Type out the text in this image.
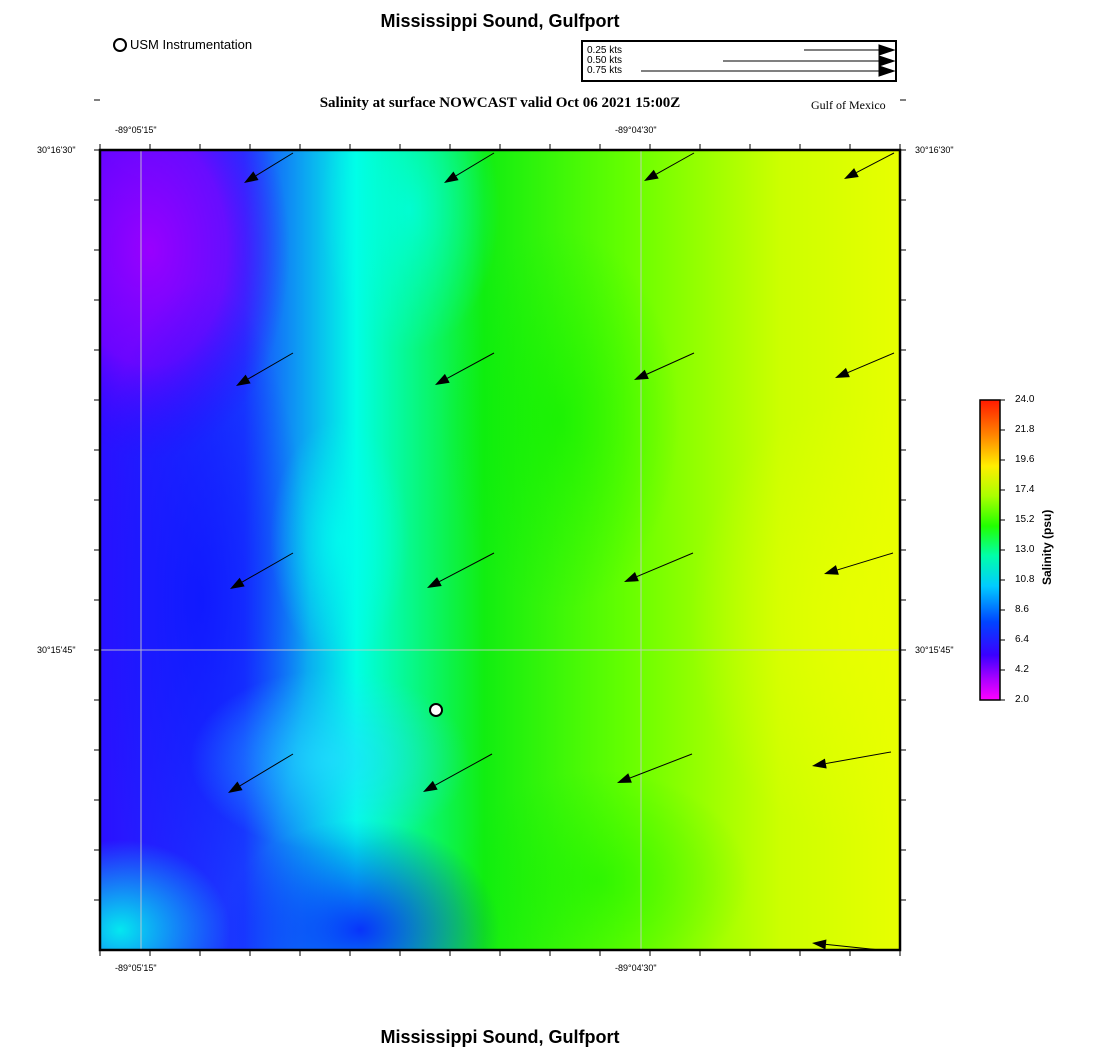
Mississippi Sound, Gulfport
USM Instrumentation	0.25 kts
0.50 kts
0.75 kts
Salinity at surface NOWCAST valid Oct 06 2021 15:00Z	Gulf of Mexico
-89°05'15"	-89°04'30"
-89°05'15"	-89°04'30"
30°16'30"
30°15'45"
30°16'30"
30°15'45"
24.0
21.8
19.6
17.4
15.2
13.0
10.8
8.6
6.4
4.2
2.0
Salinity (psu)
Mississippi Sound, Gulfport
